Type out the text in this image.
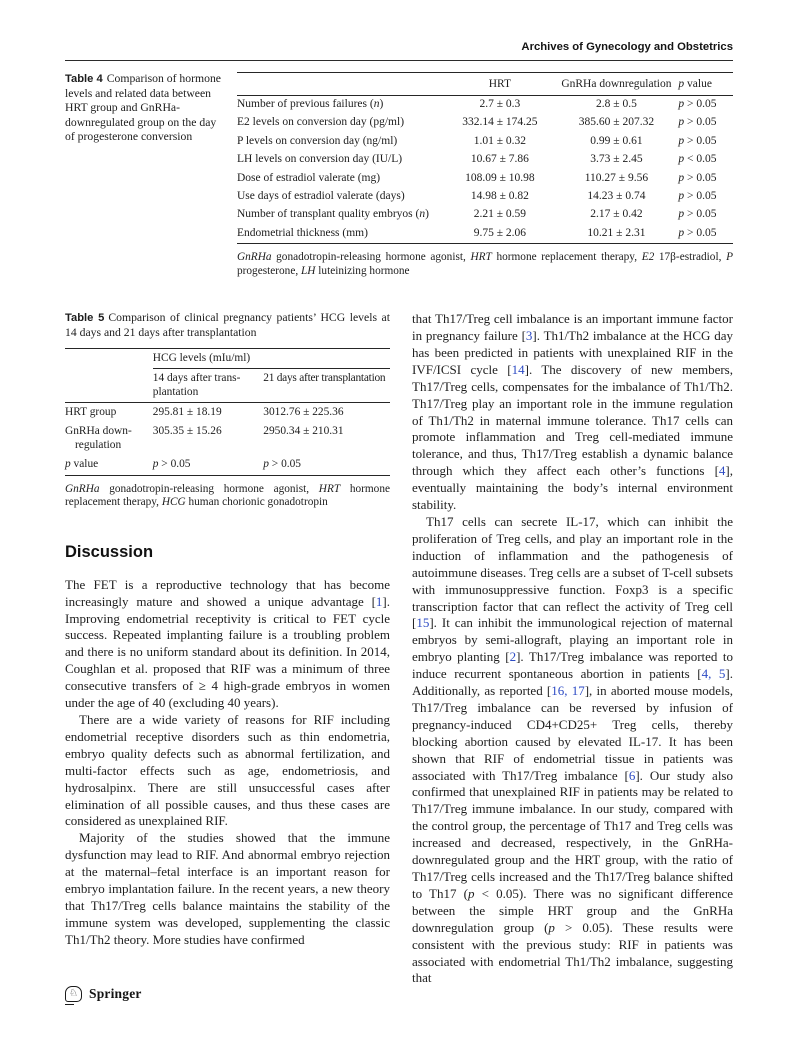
Archives of Gynecology and Obstetrics
Table 4 Comparison of hormone levels and related data between HRT group and GnRHa-downregulated group on the day of progesterone conversion
	HRT	GnRHa downregulation	p value
Number of previous failures (n)	2.7 ± 0.3	2.8 ± 0.5	p > 0.05
E2 levels on conversion day (pg/ml)	332.14 ± 174.25	385.60 ± 207.32	p > 0.05
P levels on conversion day (ng/ml)	1.01 ± 0.32	0.99 ± 0.61	p > 0.05
LH levels on conversion day (IU/L)	10.67 ± 7.86	3.73 ± 2.45	p < 0.05
Dose of estradiol valerate (mg)	108.09 ± 10.98	110.27 ± 9.56	p > 0.05
Use days of estradiol valerate (days)	14.98 ± 0.82	14.23 ± 0.74	p > 0.05
Number of transplant quality embryos (n)	2.21 ± 0.59	2.17 ± 0.42	p > 0.05
Endometrial thickness (mm)	9.75 ± 2.06	10.21 ± 2.31	p > 0.05
GnRHa gonadotropin-releasing hormone agonist, HRT hormone replacement therapy, E2 17β-estradiol, P progesterone, LH luteinizing hormone
Table 5 Comparison of clinical pregnancy patients’ HCG levels at 14 days and 21 days after transplantation
	HCG levels (mIu/ml)	
	14 days after trans-plantation	21 days after transplantation
HRT group	295.81 ± 18.19	3012.76 ± 225.36
GnRHa down-regulation	305.35 ± 15.26	2950.34 ± 210.31
p value	p > 0.05	p > 0.05
GnRHa gonadotropin-releasing hormone agonist, HRT hormone replacement therapy, HCG human chorionic gonadotropin
Discussion

The FET is a reproductive technology that has become increasingly mature and showed a unique advantage [1]. Improving endometrial receptivity is critical to FET cycle success. Repeated implanting failure is a troubling problem and there is no uniform standard about its definition. In 2014, Coughlan et al. proposed that RIF was a minimum of three consecutive transfers of ≥ 4 high-grade embryos in women under the age of 40 (excluding 40 years).

There are a wide variety of reasons for RIF including endometrial receptive disorders such as thin endometria, embryo quality defects such as abnormal fertilization, and multi-factor effects such as age, endometriosis, and hydrosalpinx. There are still unsuccessful cases after elimination of all possible causes, and thus these cases are considered as unexplained RIF.

Majority of the studies showed that the immune dysfunction may lead to RIF. And abnormal embryo rejection at the maternal–fetal interface is an important reason for embryo implantation failure. In the recent years, a new theory that Th17/Treg cells balance maintains the stability of the immune system was developed, supplementing the classic Th1/Th2 theory. More studies have confirmed

that Th17/Treg cell imbalance is an important immune factor in pregnancy failure [3]. Th1/Th2 imbalance at the HCG day has been predicted in patients with unexplained RIF in the IVF/ICSI cycle [14]. The discovery of new members, Th17/Treg cells, compensates for the imbalance of Th1/Th2. Th17/Treg play an important role in the immune regulation of Th1/Th2 in maternal immune tolerance. Th17 cells can promote inflammation and Treg cell-mediated immune tolerance, and thus, Th17/Treg establish a dynamic balance through which they affect each other’s functions [4], eventually maintaining the body’s internal environment stability.

Th17 cells can secrete IL-17, which can inhibit the proliferation of Treg cells, and play an important role in the induction of inflammation and the pathogenesis of autoimmune diseases. Treg cells are a subset of T-cell subsets with immunosuppressive function. Foxp3 is a specific transcription factor that can reflect the activity of Treg cell [15]. It can inhibit the immunological rejection of maternal embryos by semi-allograft, playing an important role in embryo planting [2]. Th17/Treg imbalance was reported to induce recurrent spontaneous abortion in patients [4, 5]. Additionally, as reported [16, 17], in aborted mouse models, Th17/Treg imbalance can be reversed by infusion of pregnancy-induced CD4+CD25+ Treg cells, thereby blocking abortion caused by elevated IL-17. It has been shown that RIF of endometrial tissue in patients was associated with Th17/Treg imbalance [6]. Our study also confirmed that unexplained RIF in patients may be related to Th17/Treg immune imbalance. In our study, compared with the control group, the percentage of Th17 and Treg cells was increased and decreased, respectively, in the GnRHa-downregulated group and the HRT group, with the ratio of Th17/Treg cells increased and the Th17/Treg balance shifted to Th17 (p < 0.05). There was no significant difference between the simple HRT group and the GnRHa downregulation group (p > 0.05). These results were consistent with the previous study: RIF in patients was associated with endometrial Th1/Th2 imbalance, suggesting that

♘ Springer
